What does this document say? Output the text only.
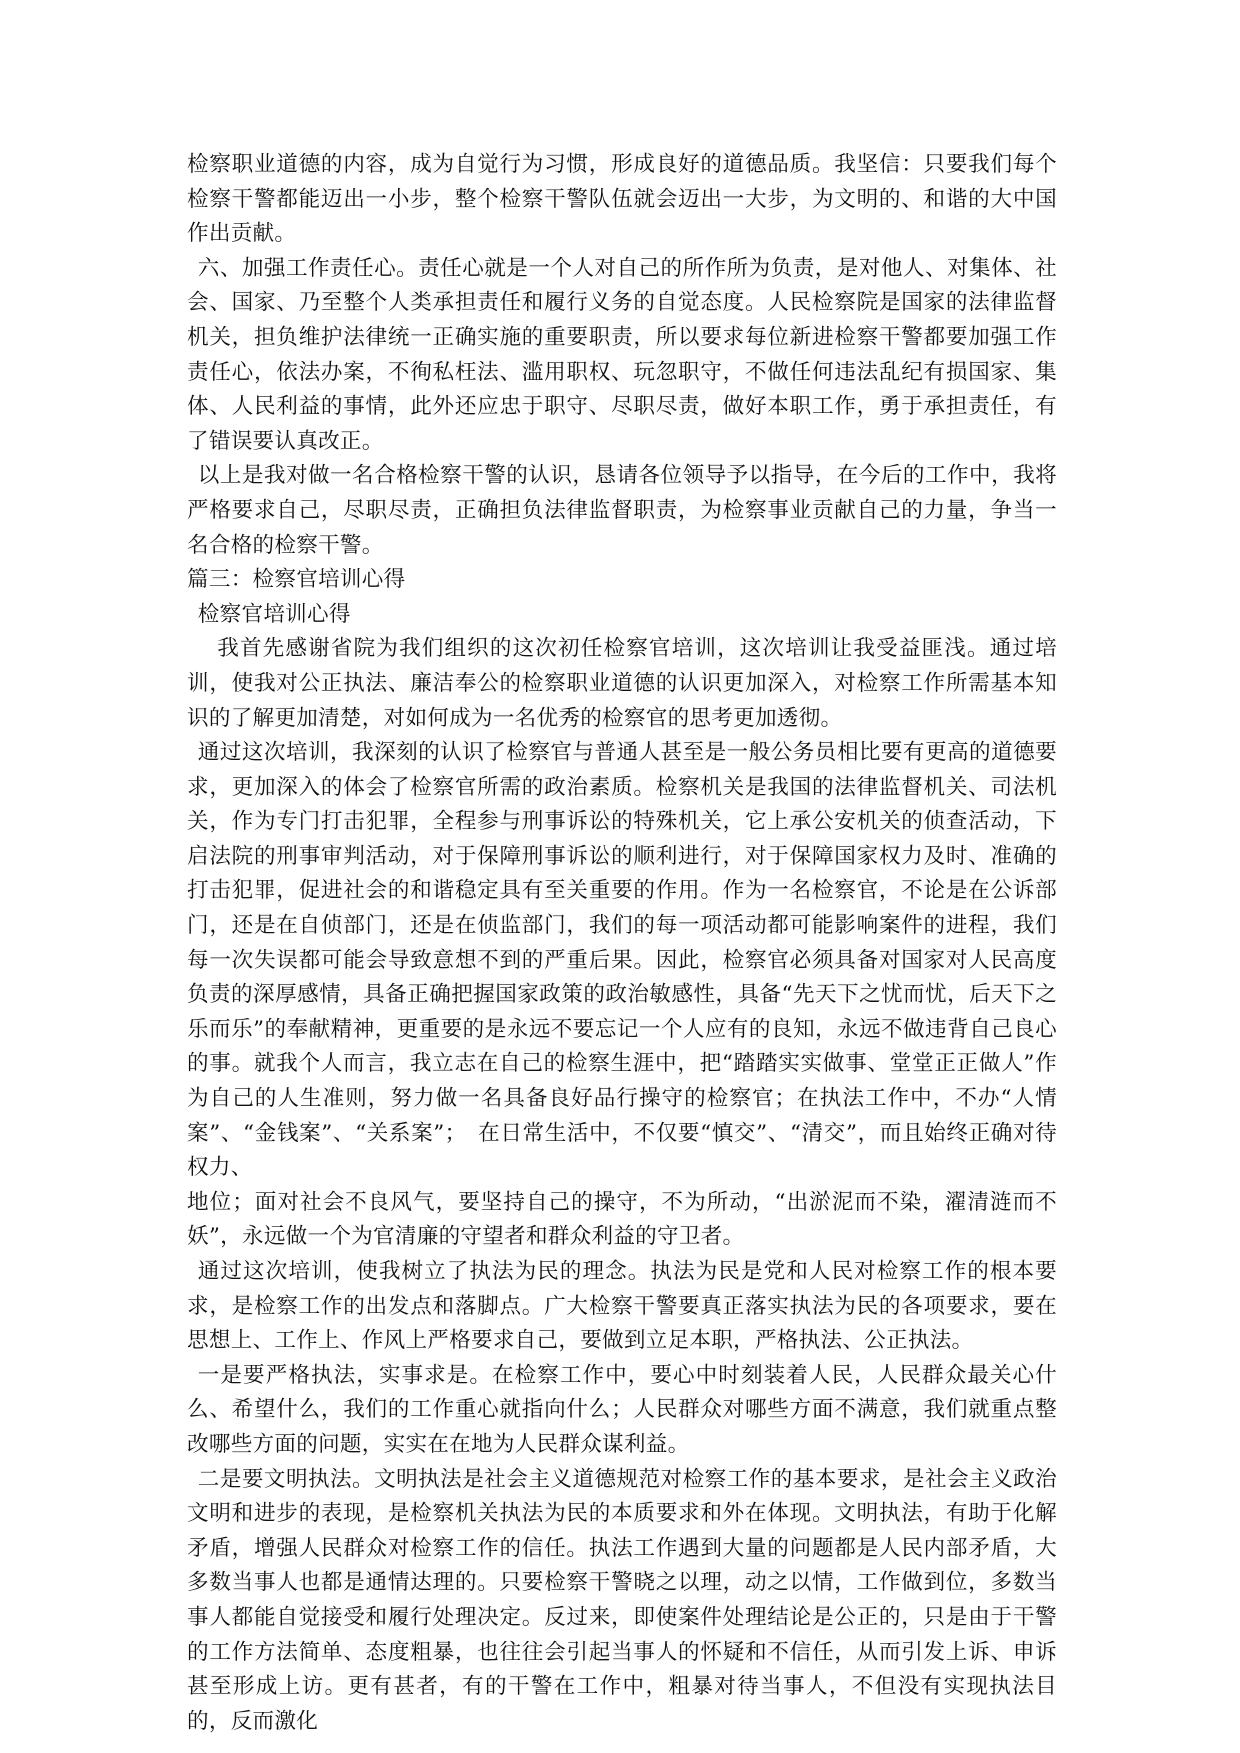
检察职业道德的内容，成为自觉行为习惯，形成良好的道德品质。我坚信：只要我们每个检察干警都能迈出一小步，整个检察干警队伍就会迈出一大步，为文明的、和谐的大中国作出贡献。

六、加强工作责任心。责任心就是一个人对自己的所作所为负责，是对他人、对集体、社会、国家、乃至整个人类承担责任和履行义务的自觉态度。人民检察院是国家的法律监督机关，担负维护法律统一正确实施的重要职责，所以要求每位新进检察干警都要加强工作责任心，依法办案，不徇私枉法、滥用职权、玩忽职守，不做任何违法乱纪有损国家、集体、人民利益的事情，此外还应忠于职守、尽职尽责，做好本职工作，勇于承担责任，有了错误要认真改正。

以上是我对做一名合格检察干警的认识，恳请各位领导予以指导，在今后的工作中，我将严格要求自己，尽职尽责，正确担负法律监督职责，为检察事业贡献自己的力量，争当一名合格的检察干警。

篇三：检察官培训心得

检察官培训心得

我首先感谢省院为我们组织的这次初任检察官培训，这次培训让我受益匪浅。通过培训，使我对公正执法、廉洁奉公的检察职业道德的认识更加深入，对检察工作所需基本知识的了解更加清楚，对如何成为一名优秀的检察官的思考更加透彻。

通过这次培训，我深刻的认识了检察官与普通人甚至是一般公务员相比要有更高的道德要求，更加深入的体会了检察官所需的政治素质。检察机关是我国的法律监督机关、司法机关，作为专门打击犯罪，全程参与刑事诉讼的特殊机关，它上承公安机关的侦查活动，下启法院的刑事审判活动，对于保障刑事诉讼的顺利进行，对于保障国家权力及时、准确的打击犯罪，促进社会的和谐稳定具有至关重要的作用。作为一名检察官，不论是在公诉部门，还是在自侦部门，还是在侦监部门，我们的每一项活动都可能影响案件的进程，我们每一次失误都可能会导致意想不到的严重后果。因此，检察官必须具备对国家对人民高度负责的深厚感情，具备正确把握国家政策的政治敏感性，具备“先天下之忧而忧，后天下之乐而乐”的奉献精神，更重要的是永远不要忘记一个人应有的良知，永远不做违背自己良心的事。就我个人而言，我立志在自己的检察生涯中，把“踏踏实实做事、堂堂正正做人”作为自己的人生准则，努力做一名具备良好品行操守的检察官；在执法工作中，不办“人情案”、“金钱案”、“关系案”；　在日常生活中，不仅要“慎交”、“清交”，而且始终正确对待权力、

地位；面对社会不良风气，要坚持自己的操守，不为所动，“出淤泥而不染，濯清涟而不妖”，永远做一个为官清廉的守望者和群众利益的守卫者。

通过这次培训，使我树立了执法为民的理念。执法为民是党和人民对检察工作的根本要求，是检察工作的出发点和落脚点。广大检察干警要真正落实执法为民的各项要求，要在思想上、工作上、作风上严格要求自己，要做到立足本职，严格执法、公正执法。

一是要严格执法，实事求是。在检察工作中，要心中时刻装着人民，人民群众最关心什么、希望什么，我们的工作重心就指向什么；人民群众对哪些方面不满意，我们就重点整改哪些方面的问题，实实在在地为人民群众谋利益。

二是要文明执法。文明执法是社会主义道德规范对检察工作的基本要求，是社会主义政治文明和进步的表现，是检察机关执法为民的本质要求和外在体现。文明执法，有助于化解矛盾，增强人民群众对检察工作的信任。执法工作遇到大量的问题都是人民内部矛盾，大多数当事人也都是通情达理的。只要检察干警晓之以理，动之以情，工作做到位，多数当事人都能自觉接受和履行处理决定。反过来，即使案件处理结论是公正的，只是由于干警的工作方法简单、态度粗暴，也往往会引起当事人的怀疑和不信任，从而引发上诉、申诉甚至形成上访。更有甚者，有的干警在工作中，粗暴对待当事人，不但没有实现执法目的，反而激化
